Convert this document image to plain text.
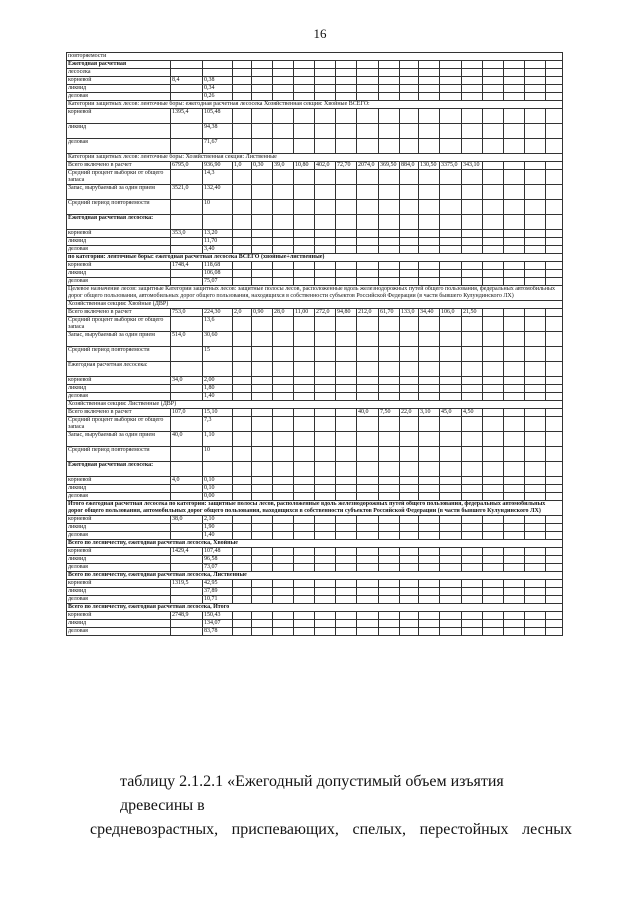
16
повторяемости																		
Ежегодная расчетная																		
лесосека																		
корневой	8,4	0,38																
ликвид		0,34																
деловая		0,26																
Категории защитных лесов: ленточные боры: ежегодная расчетная лесосека Хозяйственная секция: Хвойные ВСЕГО:																		
корневой	1395,4	105,48																
ликвид		94,38																
деловая		71,67																
Категории защитных лесов: ленточные боры: Хозяйственная секция: Лиственные																		
Всего включено в расчет	6795,0	936,90	1,0	0,30	39,0	10,80	402,0	72,70	2074,0	369,50	884,0	130,50	3375,0	343,10				
Средний процент выборки от общего запаса		14,3																
Запас, вырубаемый за один прием	3521,0	132,40																
Средний период повторяемости		10																
Ежегодная расчетная лесосека:																		
корневой	353,0	13,20																
ликвид		11,70																
деловая		3,40																
по категории: ленточные боры: ежегодная расчетная лесосека ВСЕГО (хвойные+лиственные)																		
корневой	1748,4	118,68																
ликвид		106,08																
деловая		75,07																
Целевое назначение лесов: защитные Категории защитных лесов: защитные полосы лесов, расположенные вдоль железнодорожных путей общего пользования, федеральных автомобильных дорог общего пользования, автомобильных дорог общего пользования, находящихся в собственности субъектов Российской Федерации (в части бывшего Кулундинского ЛХ)																		
Хозяйственная секция: Хвойные (ДВР)																		
Всего включено в расчет	753,0	224,30	2,0	0,90	28,0	11,00	272,0	94,80	212,0	61,70	133,0	34,40	106,0	21,50				
Средний процент выборки от общего запаса		13,6																
Запас, вырубаемый за один прием	514,0	30,60																
Средний период повторяемости		15																
Ежегодная расчетная лесосека:																		
корневой	34,0	2,00																
ликвид		1,80																
деловая		1,40																
Хозяйственная секция: Лиственные (ДВР)																		
Всего включено в расчет	107,0	15,10							40,0	7,50	22,0	3,10	45,0	4,50				
Средний процент выборки от общего запаса		7,3																
Запас, вырубаемый за один прием	40,0	1,10																
Средний период повторяемости		10																
Ежегодная расчетная лесосека:																		
корневой	4,0	0,10																
ликвид		0,10																
деловая		0,00																
Итого ежегодная расчетная лесосека по категории: защитные полосы лесов, расположенные вдоль железнодорожных путей общего пользования, федеральных автомобильных дорог общего пользования, автомобильных дорог общего пользования, находящихся в собственности субъектов Российской Федерации (в части бывшего Кулундинского ЛХ)																		
корневой	38,0	2,10																
ликвид		1,90																
деловая		1,40																
Всего по лесничеству, ежегодная расчетная лесосека, Хвойные																		
корневой	1429,4	107,48																
ликвид		96,58																
деловая		73,07																
Всего по лесничеству, ежегодная расчетная лесосека, Лиственные																		
корневой	1319,5	42,95																
ликвид		37,89																
деловая		10,71																
Всего по лесничеству, ежегодная расчетная лесосека, Итого																		
корневой	2748,9	150,43																
ликвид		134,07																
деловая		83,78																
таблицу 2.1.2.1 «Ежегодный допустимый объем изъятия древесины в
средневозрастных, приспевающих, спелых, перестойных лесных
